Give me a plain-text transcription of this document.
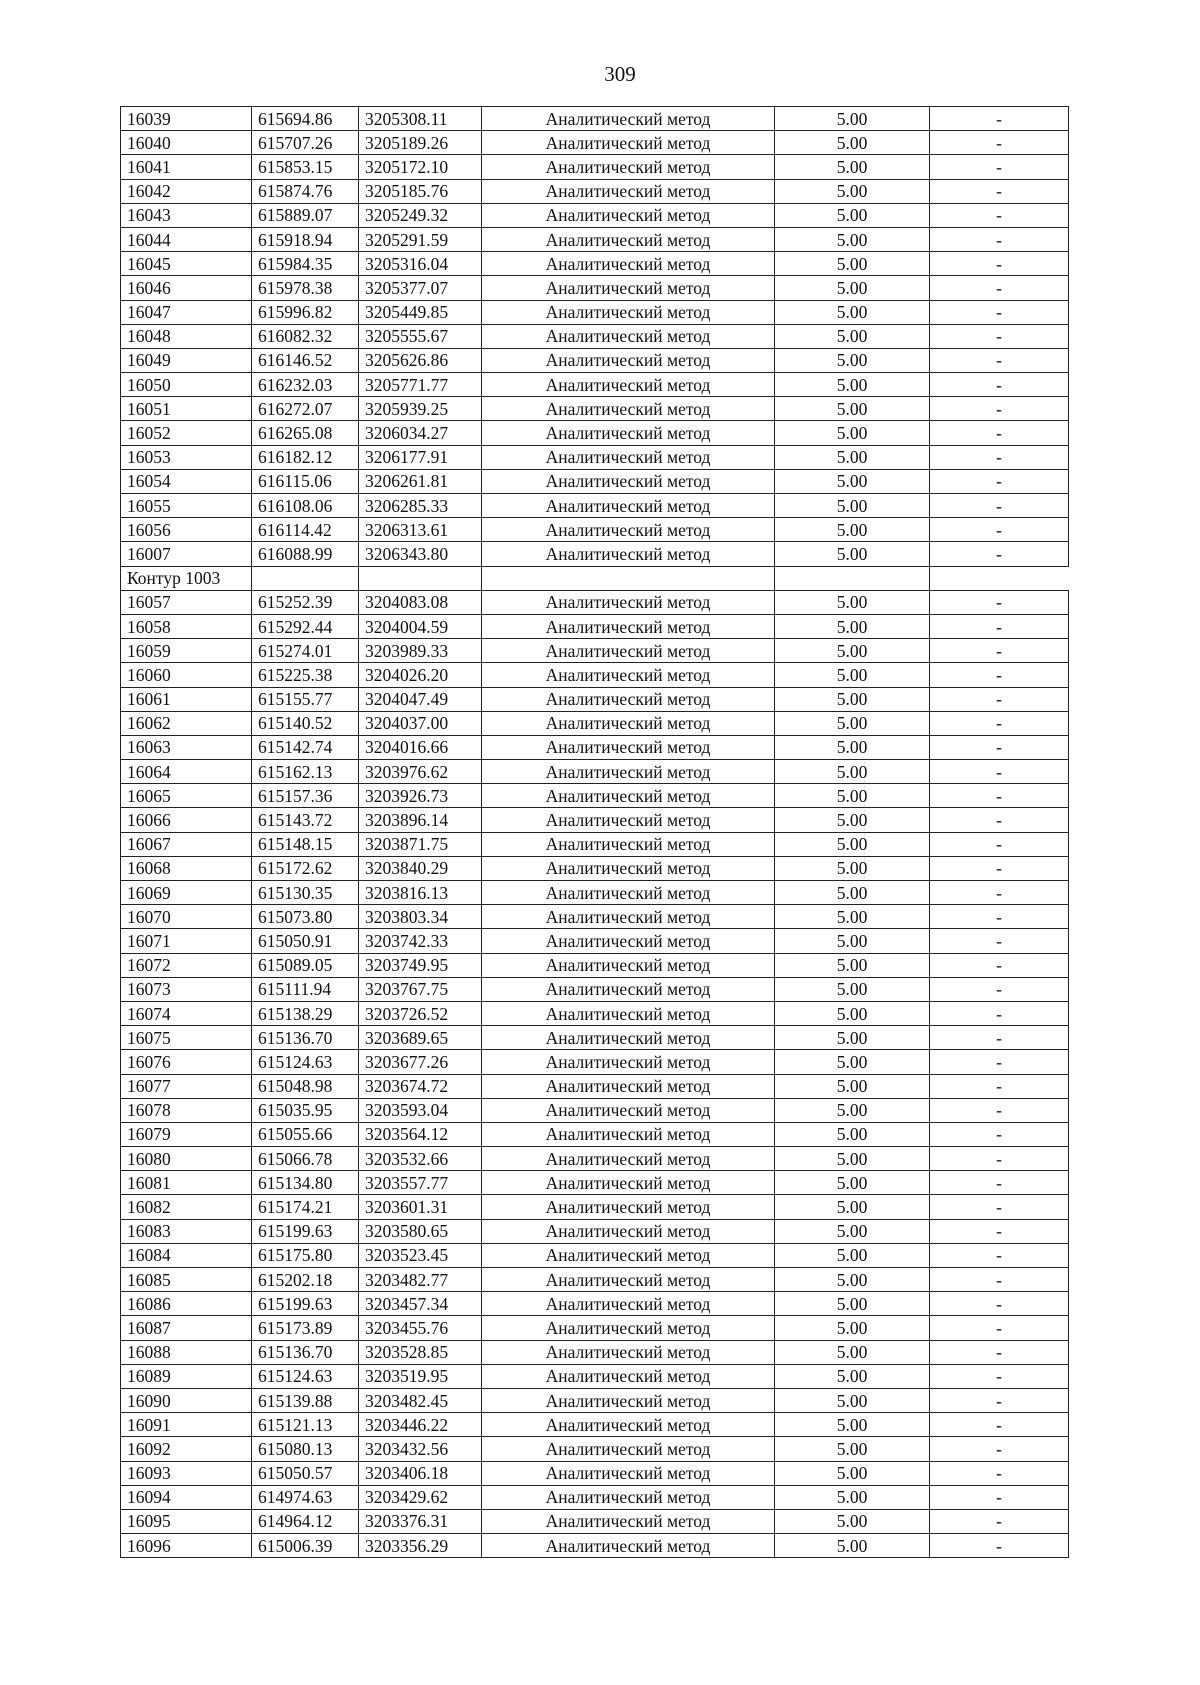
309
16039	615694.86	3205308.11	Аналитический метод	5.00	-
16040	615707.26	3205189.26	Аналитический метод	5.00	-
16041	615853.15	3205172.10	Аналитический метод	5.00	-
16042	615874.76	3205185.76	Аналитический метод	5.00	-
16043	615889.07	3205249.32	Аналитический метод	5.00	-
16044	615918.94	3205291.59	Аналитический метод	5.00	-
16045	615984.35	3205316.04	Аналитический метод	5.00	-
16046	615978.38	3205377.07	Аналитический метод	5.00	-
16047	615996.82	3205449.85	Аналитический метод	5.00	-
16048	616082.32	3205555.67	Аналитический метод	5.00	-
16049	616146.52	3205626.86	Аналитический метод	5.00	-
16050	616232.03	3205771.77	Аналитический метод	5.00	-
16051	616272.07	3205939.25	Аналитический метод	5.00	-
16052	616265.08	3206034.27	Аналитический метод	5.00	-
16053	616182.12	3206177.91	Аналитический метод	5.00	-
16054	616115.06	3206261.81	Аналитический метод	5.00	-
16055	616108.06	3206285.33	Аналитический метод	5.00	-
16056	616114.42	3206313.61	Аналитический метод	5.00	-
16007	616088.99	3206343.80	Аналитический метод	5.00	-
Контур 1003					
16057	615252.39	3204083.08	Аналитический метод	5.00	-
16058	615292.44	3204004.59	Аналитический метод	5.00	-
16059	615274.01	3203989.33	Аналитический метод	5.00	-
16060	615225.38	3204026.20	Аналитический метод	5.00	-
16061	615155.77	3204047.49	Аналитический метод	5.00	-
16062	615140.52	3204037.00	Аналитический метод	5.00	-
16063	615142.74	3204016.66	Аналитический метод	5.00	-
16064	615162.13	3203976.62	Аналитический метод	5.00	-
16065	615157.36	3203926.73	Аналитический метод	5.00	-
16066	615143.72	3203896.14	Аналитический метод	5.00	-
16067	615148.15	3203871.75	Аналитический метод	5.00	-
16068	615172.62	3203840.29	Аналитический метод	5.00	-
16069	615130.35	3203816.13	Аналитический метод	5.00	-
16070	615073.80	3203803.34	Аналитический метод	5.00	-
16071	615050.91	3203742.33	Аналитический метод	5.00	-
16072	615089.05	3203749.95	Аналитический метод	5.00	-
16073	615111.94	3203767.75	Аналитический метод	5.00	-
16074	615138.29	3203726.52	Аналитический метод	5.00	-
16075	615136.70	3203689.65	Аналитический метод	5.00	-
16076	615124.63	3203677.26	Аналитический метод	5.00	-
16077	615048.98	3203674.72	Аналитический метод	5.00	-
16078	615035.95	3203593.04	Аналитический метод	5.00	-
16079	615055.66	3203564.12	Аналитический метод	5.00	-
16080	615066.78	3203532.66	Аналитический метод	5.00	-
16081	615134.80	3203557.77	Аналитический метод	5.00	-
16082	615174.21	3203601.31	Аналитический метод	5.00	-
16083	615199.63	3203580.65	Аналитический метод	5.00	-
16084	615175.80	3203523.45	Аналитический метод	5.00	-
16085	615202.18	3203482.77	Аналитический метод	5.00	-
16086	615199.63	3203457.34	Аналитический метод	5.00	-
16087	615173.89	3203455.76	Аналитический метод	5.00	-
16088	615136.70	3203528.85	Аналитический метод	5.00	-
16089	615124.63	3203519.95	Аналитический метод	5.00	-
16090	615139.88	3203482.45	Аналитический метод	5.00	-
16091	615121.13	3203446.22	Аналитический метод	5.00	-
16092	615080.13	3203432.56	Аналитический метод	5.00	-
16093	615050.57	3203406.18	Аналитический метод	5.00	-
16094	614974.63	3203429.62	Аналитический метод	5.00	-
16095	614964.12	3203376.31	Аналитический метод	5.00	-
16096	615006.39	3203356.29	Аналитический метод	5.00	-
